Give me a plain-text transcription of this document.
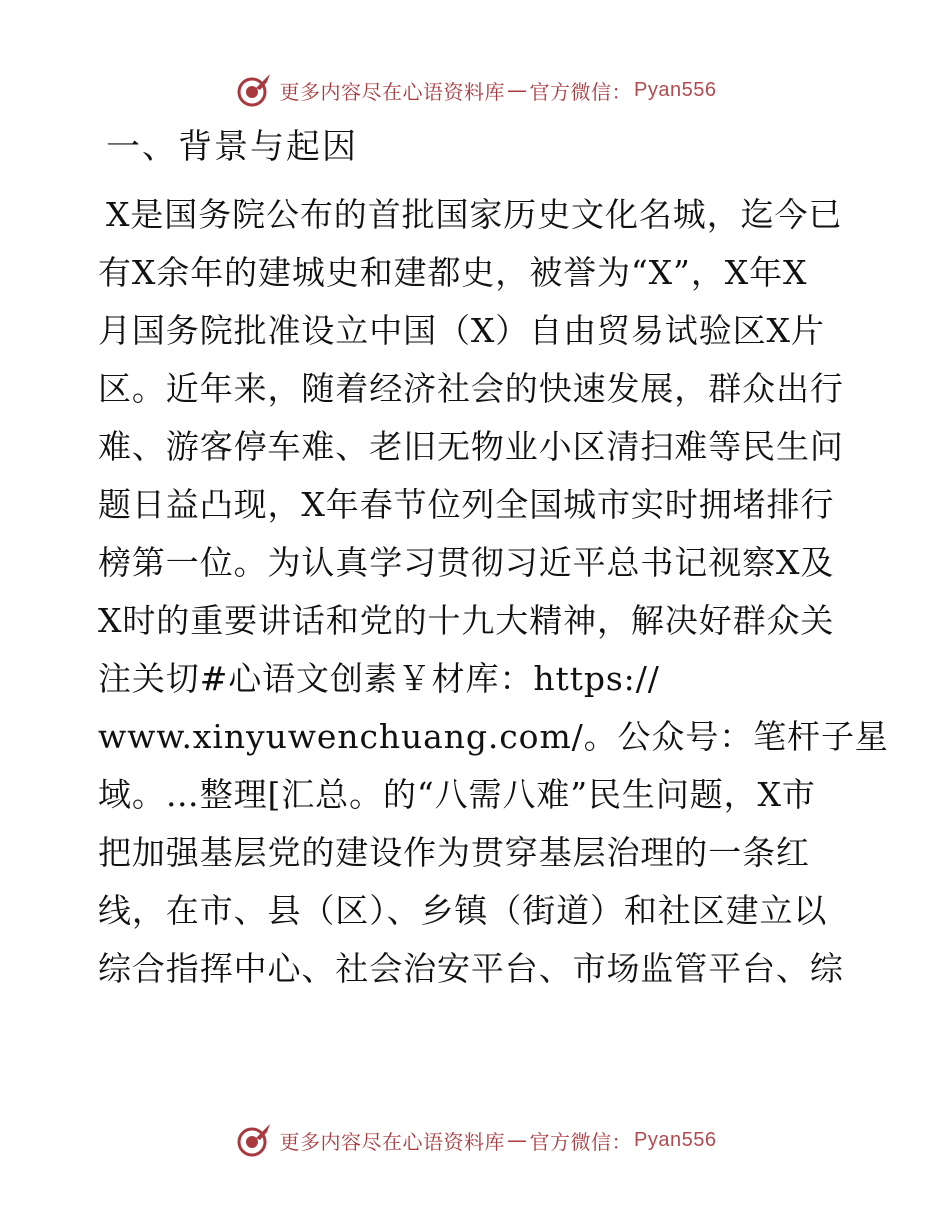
更多内容尽在心语资料库 — 官方微信： Pyan556
一、背景与起因
X是国务院公布的首批国家历史文化名城，迄今已
有X余年的建城史和建都史，被誉为“X”，X年X
月国务院批准设立中国（X）自由贸易试验区X片
区。近年来，随着经济社会的快速发展，群众出行
难、游客停车难、老旧无物业小区清扫难等民生问
题日益凸现，X年春节位列全国城市实时拥堵排行
榜第一位。为认真学习贯彻习近平总书记视察X及
X时的重要讲话和党的十九大精神，解决好群众关
注关切#心语文创素￥材库：https://
www.xinyuwenchuang.com/。公众号：笔杆子星
域。…整理[汇总。的“八需八难”民生问题，X市
把加强基层党的建设作为贯穿基层治理的一条红
线，在市、县（区）、乡镇（街道）和社区建立以
综合指挥中心、社会治安平台、市场监管平台、综
更多内容尽在心语资料库 — 官方微信： Pyan556
